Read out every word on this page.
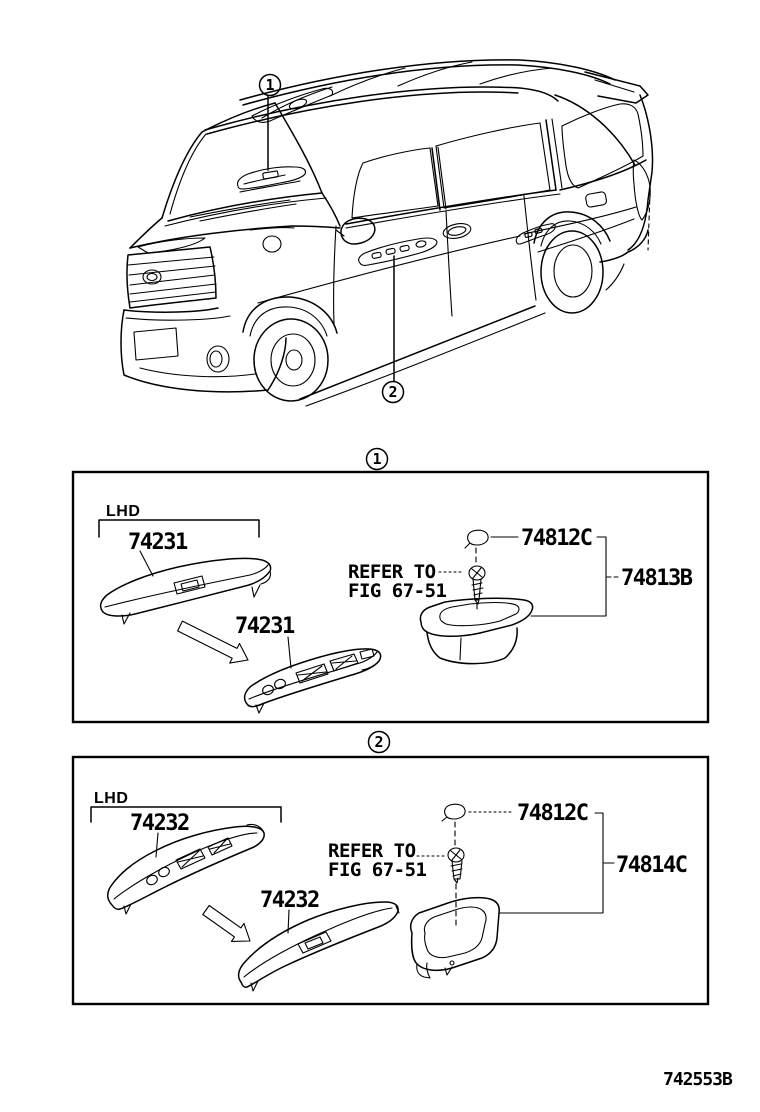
1
2
1
LHD
74231
74231
REFER TO
FIG 67-51
74812C
74813B
2
LHD
74232
74232
REFER TO
FIG 67-51
74812C
74814C
742553B
